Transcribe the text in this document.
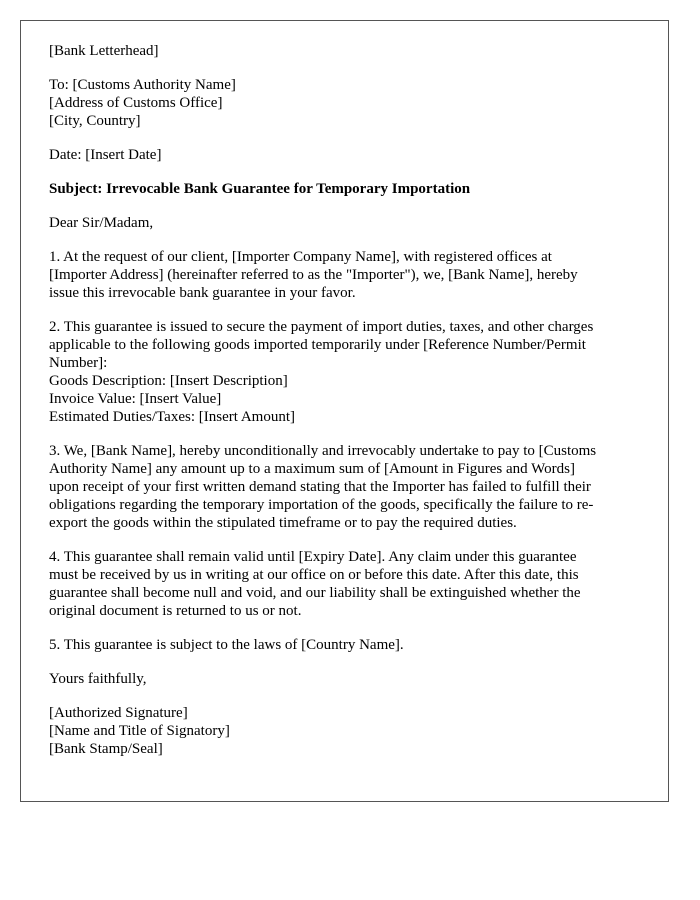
[Bank Letterhead]

To: [Customs Authority Name]
[Address of Customs Office]
[City, Country]

Date: [Insert Date]

Subject: Irrevocable Bank Guarantee for Temporary Importation

Dear Sir/Madam,

1. At the request of our client, [Importer Company Name], with registered offices at
[Importer Address] (hereinafter referred to as the "Importer"), we, [Bank Name], hereby
issue this irrevocable bank guarantee in your favor.

2. This guarantee is issued to secure the payment of import duties, taxes, and other charges
applicable to the following goods imported temporarily under [Reference Number/Permit
Number]:
Goods Description: [Insert Description]
Invoice Value: [Insert Value]
Estimated Duties/Taxes: [Insert Amount]

3. We, [Bank Name], hereby unconditionally and irrevocably undertake to pay to [Customs
Authority Name] any amount up to a maximum sum of [Amount in Figures and Words]
upon receipt of your first written demand stating that the Importer has failed to fulfill their
obligations regarding the temporary importation of the goods, specifically the failure to re-
export the goods within the stipulated timeframe or to pay the required duties.

4. This guarantee shall remain valid until [Expiry Date]. Any claim under this guarantee
must be received by us in writing at our office on or before this date. After this date, this
guarantee shall become null and void, and our liability shall be extinguished whether the
original document is returned to us or not.

5. This guarantee is subject to the laws of [Country Name].

Yours faithfully,

[Authorized Signature]
[Name and Title of Signatory]
[Bank Stamp/Seal]
